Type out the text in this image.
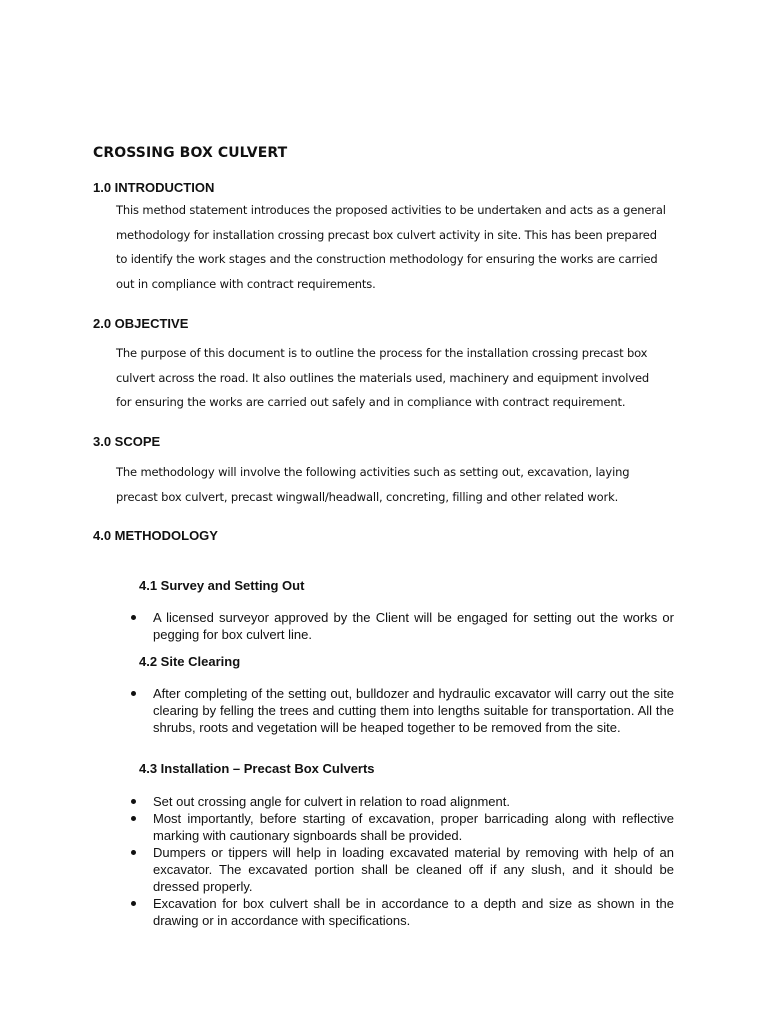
CROSSING BOX CULVERT
1.0 INTRODUCTION
This method statement introduces the proposed activities to be undertaken and acts as a general
methodology for installation crossing precast box culvert activity in site. This has been prepared
to identify the work stages and the construction methodology for ensuring the works are carried
out in compliance with contract requirements.
2.0 OBJECTIVE
The purpose of this document is to outline the process for the installation crossing precast box
culvert across the road. It also outlines the materials used, machinery and equipment involved
for ensuring the works are carried out safely and in compliance with contract requirement.
3.0 SCOPE
The methodology will involve the following activities such as setting out, excavation, laying
precast box culvert, precast wingwall/headwall, concreting, filling and other related work.
4.0 METHODOLOGY
4.1 Survey and Setting Out
A licensed surveyor approved by the Client will be engaged for setting out the works or pegging for box culvert line.
4.2 Site Clearing
After completing of the setting out, bulldozer and hydraulic excavator will carry out the site clearing by felling the trees and cutting them into lengths suitable for transportation. All the shrubs, roots and vegetation will be heaped together to be removed from the site.
4.3 Installation – Precast Box Culverts
Set out crossing angle for culvert in relation to road alignment.
Most importantly, before starting of excavation, proper barricading along with reflective marking with cautionary signboards shall be provided.
Dumpers or tippers will help in loading excavated material by removing with help of an excavator. The excavated portion shall be cleaned off if any slush, and it should be dressed properly.
Excavation for box culvert shall be in accordance to a depth and size as shown in the drawing or in accordance with specifications.
